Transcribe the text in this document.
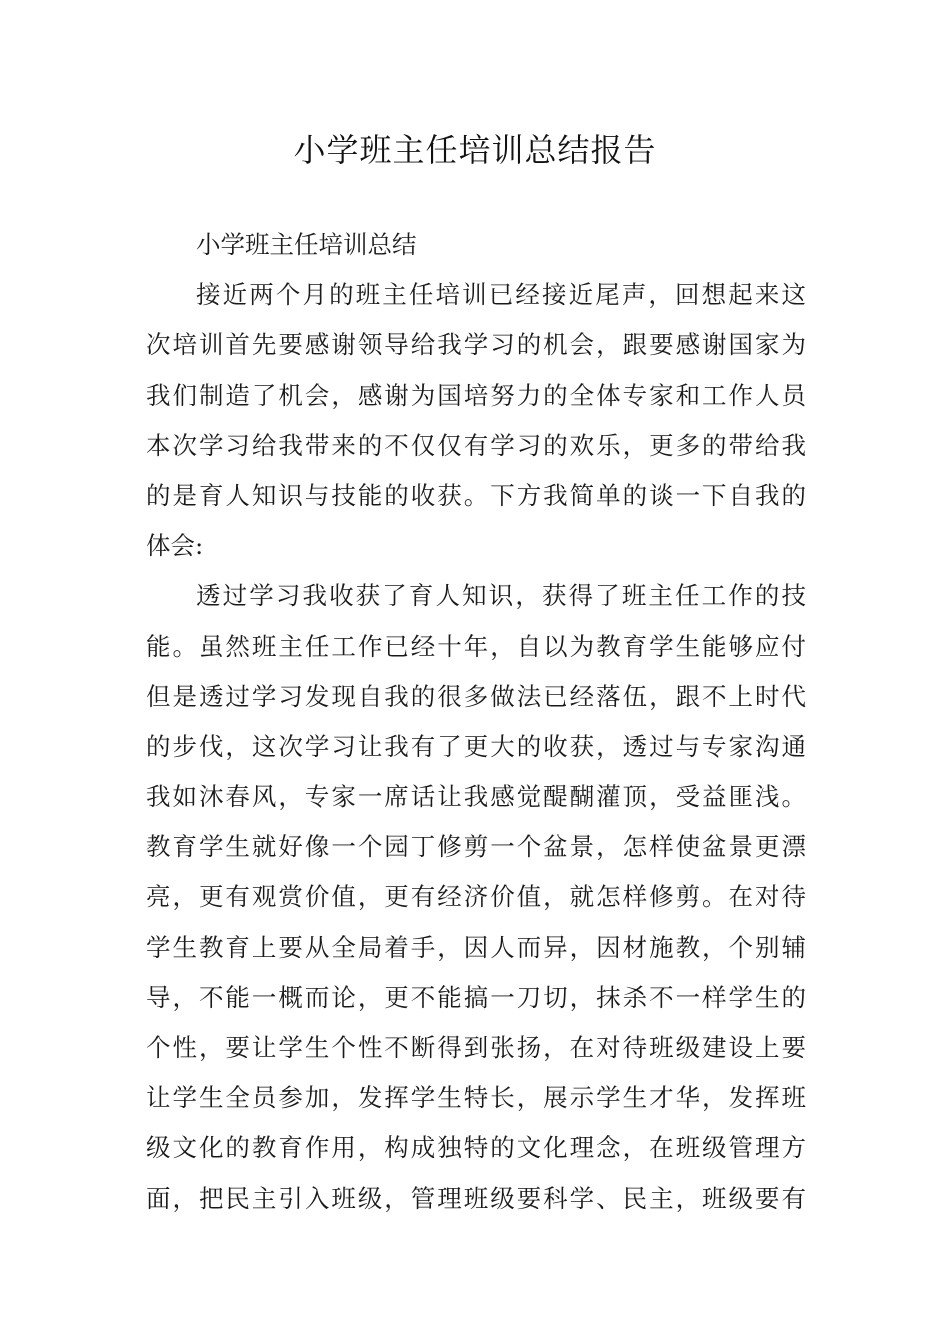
小学班主任培训总结报告
小学班主任培训总结
接近两个月的班主任培训已经接近尾声，回想起来这
次培训首先要感谢领导给我学习的机会，跟要感谢国家为
我们制造了机会，感谢为国培努力的全体专家和工作人员
本次学习给我带来的不仅仅有学习的欢乐，更多的带给我
的是育人知识与技能的收获。下方我简单的谈一下自我的
体会:
透过学习我收获了育人知识，获得了班主任工作的技
能。虽然班主任工作已经十年，自以为教育学生能够应付
但是透过学习发现自我的很多做法已经落伍，跟不上时代
的步伐，这次学习让我有了更大的收获，透过与专家沟通
我如沐春风，专家一席话让我感觉醍醐灌顶，受益匪浅。
教育学生就好像一个园丁修剪一个盆景，怎样使盆景更漂
亮，更有观赏价值，更有经济价值，就怎样修剪。在对待
学生教育上要从全局着手，因人而异，因材施教，个别辅
导，不能一概而论，更不能搞一刀切，抹杀不一样学生的
个性，要让学生个性不断得到张扬，在对待班级建设上要
让学生全员参加，发挥学生特长，展示学生才华，发挥班
级文化的教育作用，构成独特的文化理念，在班级管理方
面，把民主引入班级，管理班级要科学、民主，班级要有
